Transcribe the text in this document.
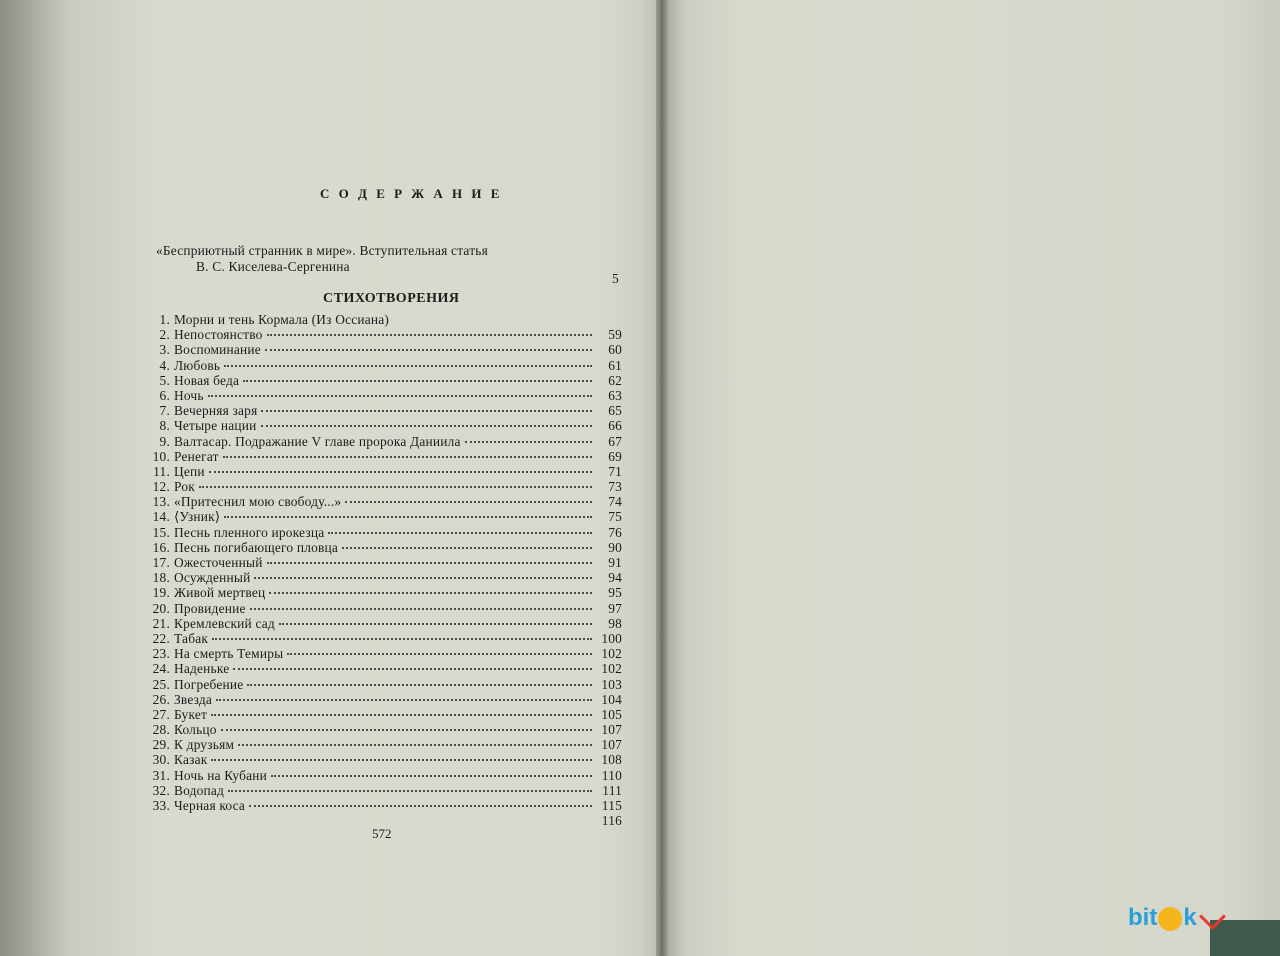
С О Д Е Р Ж А Н И Е
«Бесприютный странник в мире». Вступительная статья
В. С. Киселева-Сергенина
5
СТИХОТВОРЕНИЯ
1. Морни и тень Кормала (Из Оссиана)
2. Непостоянство	59
3. Воспоминание	60
4. Любовь	61
5. Новая беда	62
6. Ночь	63
7. Вечерняя заря	65
8. Четыре нации	66
9. Валтасар. Подражание V главе пророка Даниила	67
10. Ренегат	69
11. Цепи	71
12. Рок	73
13. «Притеснил мою свободу...»	74
14. ⟨Узник⟩	75
15. Песнь пленного ирокезца	76
16. Песнь погибающего пловца	90
17. Ожесточенный	91
18. Осужденный	94
19. Живой мертвец	95
20. Провидение	97
21. Кремлевский сад	98
22. Табак	100
23. На смерть Темиры	102
24. Наденьке	102
25. Погребение	103
26. Звезда	104
27. Букет	105
28. Кольцо	107
29. К друзьям	107
30. Казак	108
31. Ночь на Кубани	110
32. Водопад	111
33. Черная коса	115
116
572
bit k
